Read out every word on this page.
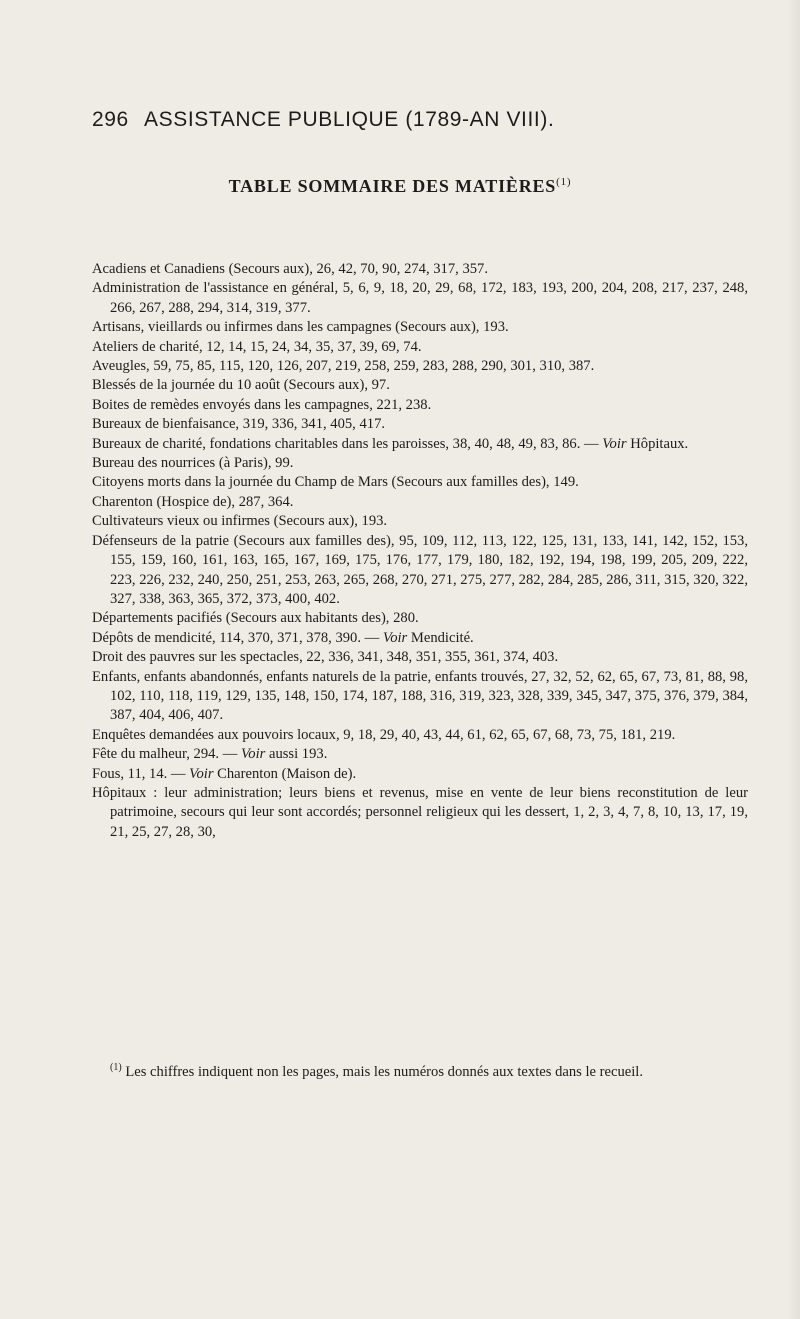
296 ASSISTANCE PUBLIQUE (1789-AN VIII).
TABLE SOMMAIRE DES MATIÈRES$^{(1)}$

Acadiens et Canadiens (Secours aux), 26, 42, 70, 90, 274, 317, 357.

Administration de l'assistance en général, 5, 6, 9, 18, 20, 29, 68, 172, 183, 193, 200, 204, 208, 217, 237, 248, 266, 267, 288, 294, 314, 319, 377.

Artisans, vieillards ou infirmes dans les campagnes (Secours aux), 193.

Ateliers de charité, 12, 14, 15, 24, 34, 35, 37, 39, 69, 74.

Aveugles, 59, 75, 85, 115, 120, 126, 207, 219, 258, 259, 283, 288, 290, 301, 310, 387.

Blessés de la journée du 10 août (Secours aux), 97.

Boites de remèdes envoyés dans les campagnes, 221, 238.

Bureaux de bienfaisance, 319, 336, 341, 405, 417.

Bureaux de charité, fondations charitables dans les paroisses, 38, 40, 48, 49, 83, 86. — Voir Hôpitaux.

Bureau des nourrices (à Paris), 99.

Citoyens morts dans la journée du Champ de Mars (Secours aux familles des), 149.

Charenton (Hospice de), 287, 364.

Cultivateurs vieux ou infirmes (Secours aux), 193.

Défenseurs de la patrie (Secours aux familles des), 95, 109, 112, 113, 122, 125, 131, 133, 141, 142, 152, 153, 155, 159, 160, 161, 163, 165, 167, 169, 175, 176, 177, 179, 180, 182, 192, 194, 198, 199, 205, 209, 222, 223, 226, 232, 240, 250, 251, 253, 263, 265, 268, 270, 271, 275, 277, 282, 284, 285, 286, 311, 315, 320, 322, 327, 338, 363, 365, 372, 373, 400, 402.

Départements pacifiés (Secours aux habitants des), 280.

Dépôts de mendicité, 114, 370, 371, 378, 390. — Voir Mendicité.

Droit des pauvres sur les spectacles, 22, 336, 341, 348, 351, 355, 361, 374, 403.

Enfants, enfants abandonnés, enfants naturels de la patrie, enfants trouvés, 27, 32, 52, 62, 65, 67, 73, 81, 88, 98, 102, 110, 118, 119, 129, 135, 148, 150, 174, 187, 188, 316, 319, 323, 328, 339, 345, 347, 375, 376, 379, 384, 387, 404, 406, 407.

Enquêtes demandées aux pouvoirs locaux, 9, 18, 29, 40, 43, 44, 61, 62, 65, 67, 68, 73, 75, 181, 219.

Fête du malheur, 294. — Voir aussi 193.

Fous, 11, 14. — Voir Charenton (Maison de).

Hôpitaux : leur administration; leurs biens et revenus, mise en vente de leur biens reconstitution de leur patrimoine, secours qui leur sont accordés; personnel religieux qui les dessert, 1, 2, 3, 4, 7, 8, 10, 13, 17, 19, 21, 25, 27, 28, 30,

$^{(1)}$ Les chiffres indiquent non les pages, mais les numéros donnés aux textes dans le recueil.
